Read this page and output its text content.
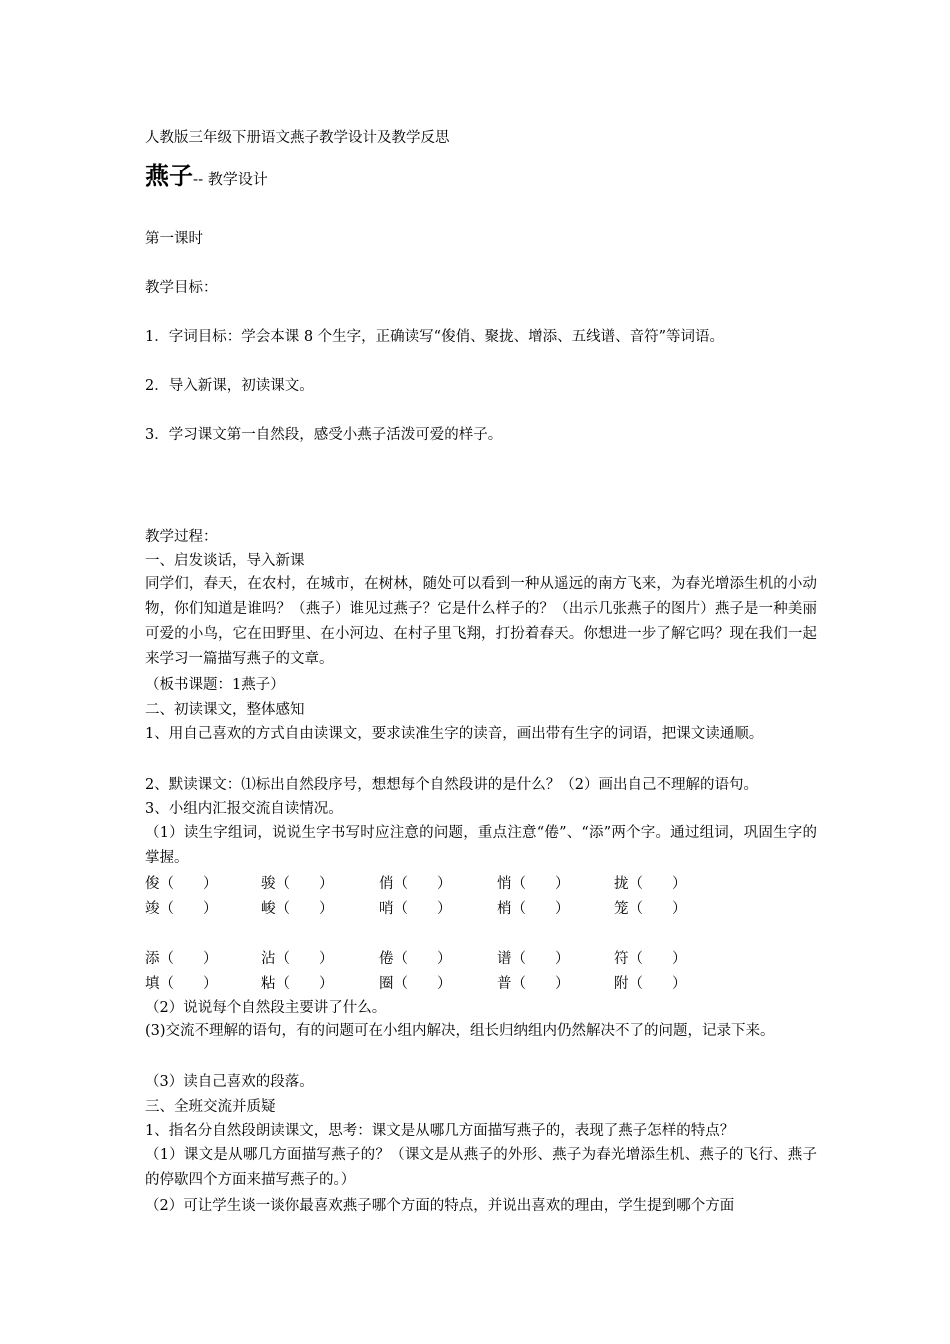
人教版三年级下册语文燕子教学设计及教学反思
燕子-- 教学设计
第一课时
教学目标：
1．字词目标：学会本课 8 个生字，正确读写“俊俏、聚拢、增添、五线谱、音符”等词语。
2．导入新课，初读课文。
3．学习课文第一自然段，感受小燕子活泼可爱的样子。
教学过程：
一、启发谈话，导入新课
同学们，春天，在农村，在城市，在树林，随处可以看到一种从遥远的南方飞来，为春光增添生机的小动物，你们知道是谁吗？（燕子）谁见过燕子？它是什么样子的？（出示几张燕子的图片）燕子是一种美丽可爱的小鸟，它在田野里、在小河边、在村子里飞翔，打扮着春天。你想进一步了解它吗？现在我们一起来学习一篇描写燕子的文章。
（板书课题：1燕子）
二、初读课文，整体感知
1、用自己喜欢的方式自由读课文，要求读准生字的读音，画出带有生字的词语，把课文读通顺。
2、默读课文：⑴标出自然段序号，想想每个自然段讲的是什么？（2）画出自己不理解的语句。
3、小组内汇报交流自读情况。
（1）读生字组词，说说生字书写时应注意的问题，重点注意“倦”、“添”两个字。通过组词，巩固生字的掌握。
俊（　　）	骏（　　）	俏（　　）	悄（　　）	拢（　　）
竣（　　）	峻（　　）	哨（　　）	梢（　　）	笼（　　）
添（　　）	沾（　　）	倦（　　）	谱（　　）	符（　　）
填（　　）	粘（　　）	圈（　　）	普（　　）	附（　　）
（2）说说每个自然段主要讲了什么。
(3)交流不理解的语句，有的问题可在小组内解决，组长归纳组内仍然解决不了的问题，记录下来。
（3）读自己喜欢的段落。
三、全班交流并质疑
1、指名分自然段朗读课文，思考：课文是从哪几方面描写燕子的，表现了燕子怎样的特点？
（1）课文是从哪几方面描写燕子的？（课文是从燕子的外形、燕子为春光增添生机、燕子的飞行、燕子的停歇四个方面来描写燕子的。）
（2）可让学生谈一谈你最喜欢燕子哪个方面的特点，并说出喜欢的理由，学生提到哪个方面
